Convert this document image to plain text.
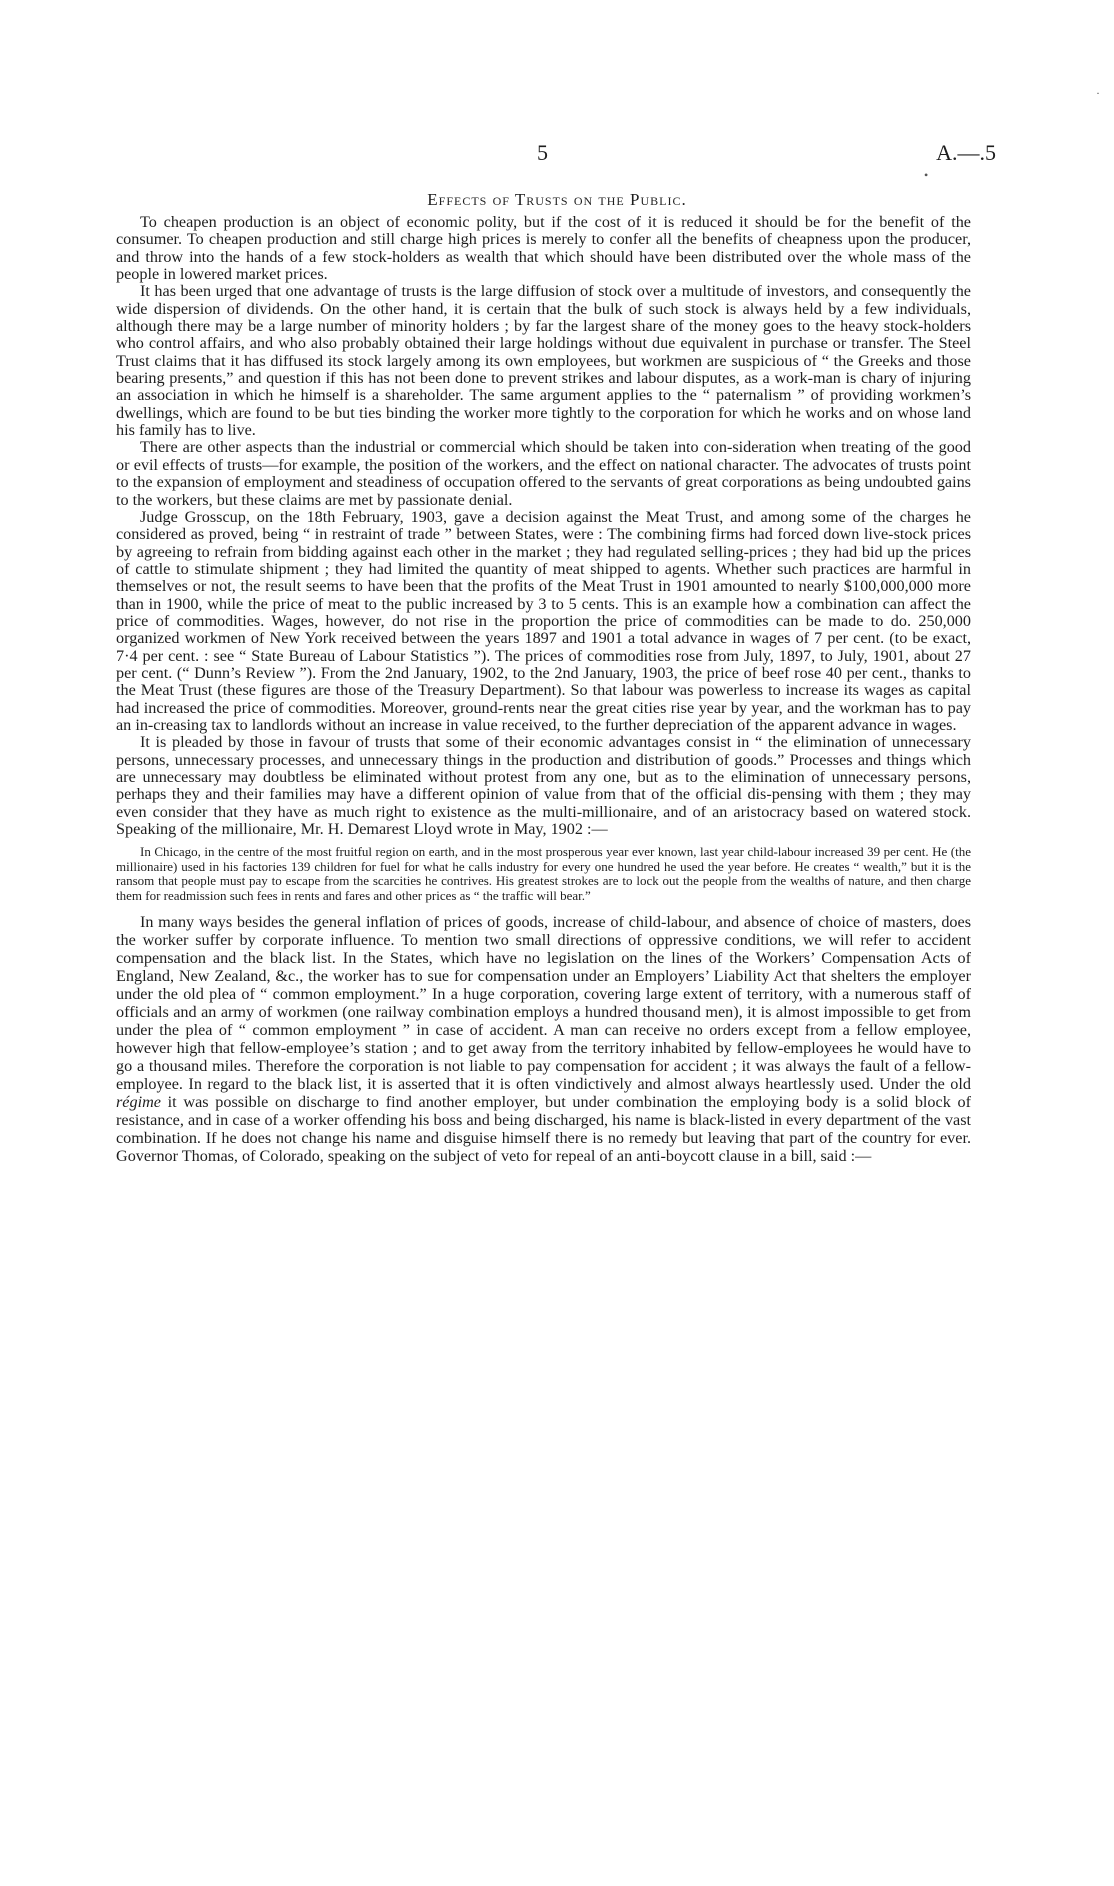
5	A.—.5
Effects of Trusts on the Public.

To cheapen production is an object of economic polity, but if the cost of it is reduced it should be for the benefit of the consumer. To cheapen production and still charge high prices is merely to confer all the benefits of cheapness upon the producer, and throw into the hands of a few stock-holders as wealth that which should have been distributed over the whole mass of the people in lowered market prices.

It has been urged that one advantage of trusts is the large diffusion of stock over a multitude of investors, and consequently the wide dispersion of dividends. On the other hand, it is certain that the bulk of such stock is always held by a few individuals, although there may be a large number of minority holders ; by far the largest share of the money goes to the heavy stock-holders who control affairs, and who also probably obtained their large holdings without due equivalent in purchase or transfer. The Steel Trust claims that it has diffused its stock largely among its own employees, but workmen are suspicious of “ the Greeks and those bearing presents,” and question if this has not been done to prevent strikes and labour disputes, as a work-man is chary of injuring an association in which he himself is a shareholder. The same argument applies to the “ paternalism ” of providing workmen’s dwellings, which are found to be but ties binding the worker more tightly to the corporation for which he works and on whose land his family has to live.

There are other aspects than the industrial or commercial which should be taken into con-sideration when treating of the good or evil effects of trusts—for example, the position of the workers, and the effect on national character. The advocates of trusts point to the expansion of employment and steadiness of occupation offered to the servants of great corporations as being undoubted gains to the workers, but these claims are met by passionate denial.

Judge Grosscup, on the 18th February, 1903, gave a decision against the Meat Trust, and among some of the charges he considered as proved, being “ in restraint of trade ” between States, were : The combining firms had forced down live-stock prices by agreeing to refrain from bidding against each other in the market ; they had regulated selling-prices ; they had bid up the prices of cattle to stimulate shipment ; they had limited the quantity of meat shipped to agents. Whether such practices are harmful in themselves or not, the result seems to have been that the profits of the Meat Trust in 1901 amounted to nearly $100,000,000 more than in 1900, while the price of meat to the public increased by 3 to 5 cents. This is an example how a combination can affect the price of commodities. Wages, however, do not rise in the proportion the price of commodities can be made to do. 250,000 organized workmen of New York received between the years 1897 and 1901 a total advance in wages of 7 per cent. (to be exact, 7·4 per cent. : see “ State Bureau of Labour Statistics ”). The prices of commodities rose from July, 1897, to July, 1901, about 27 per cent. (“ Dunn’s Review ”). From the 2nd January, 1902, to the 2nd January, 1903, the price of beef rose 40 per cent., thanks to the Meat Trust (these figures are those of the Treasury Department). So that labour was powerless to increase its wages as capital had increased the price of commodities. Moreover, ground-rents near the great cities rise year by year, and the workman has to pay an in-creasing tax to landlords without an increase in value received, to the further depreciation of the apparent advance in wages.

It is pleaded by those in favour of trusts that some of their economic advantages consist in “ the elimination of unnecessary persons, unnecessary processes, and unnecessary things in the production and distribution of goods.” Processes and things which are unnecessary may doubtless be eliminated without protest from any one, but as to the elimination of unnecessary persons, perhaps they and their families may have a different opinion of value from that of the official dis-pensing with them ; they may even consider that they have as much right to existence as the multi-millionaire, and of an aristocracy based on watered stock. Speaking of the millionaire, Mr. H. Demarest Lloyd wrote in May, 1902 :—

In Chicago, in the centre of the most fruitful region on earth, and in the most prosperous year ever known, last year child-labour increased 39 per cent. He (the millionaire) used in his factories 139 children for fuel for what he calls industry for every one hundred he used the year before. He creates “ wealth,” but it is the ransom that people must pay to escape from the scarcities he contrives. His greatest strokes are to lock out the people from the wealths of nature, and then charge them for readmission such fees in rents and fares and other prices as “ the traffic will bear.”

In many ways besides the general inflation of prices of goods, increase of child-labour, and absence of choice of masters, does the worker suffer by corporate influence. To mention two small directions of oppressive conditions, we will refer to accident compensation and the black list. In the States, which have no legislation on the lines of the Workers’ Compensation Acts of England, New Zealand, &c., the worker has to sue for compensation under an Employers’ Liability Act that shelters the employer under the old plea of “ common employment.” In a huge corporation, covering large extent of territory, with a numerous staff of officials and an army of workmen (one railway combination employs a hundred thousand men), it is almost impossible to get from under the plea of “ common employment ” in case of accident. A man can receive no orders except from a fellow employee, however high that fellow-employee’s station ; and to get away from the territory inhabited by fellow-employees he would have to go a thousand miles. Therefore the corporation is not liable to pay compensation for accident ; it was always the fault of a fellow-employee. In regard to the black list, it is asserted that it is often vindictively and almost always heartlessly used. Under the old régime it was possible on discharge to find another employer, but under combination the employing body is a solid block of resistance, and in case of a worker offending his boss and being discharged, his name is black-listed in every department of the vast combination. If he does not change his name and disguise himself there is no remedy but leaving that part of the country for ever. Governor Thomas, of Colorado, speaking on the subject of veto for repeal of an anti-boycott clause in a bill, said :—

·
•
